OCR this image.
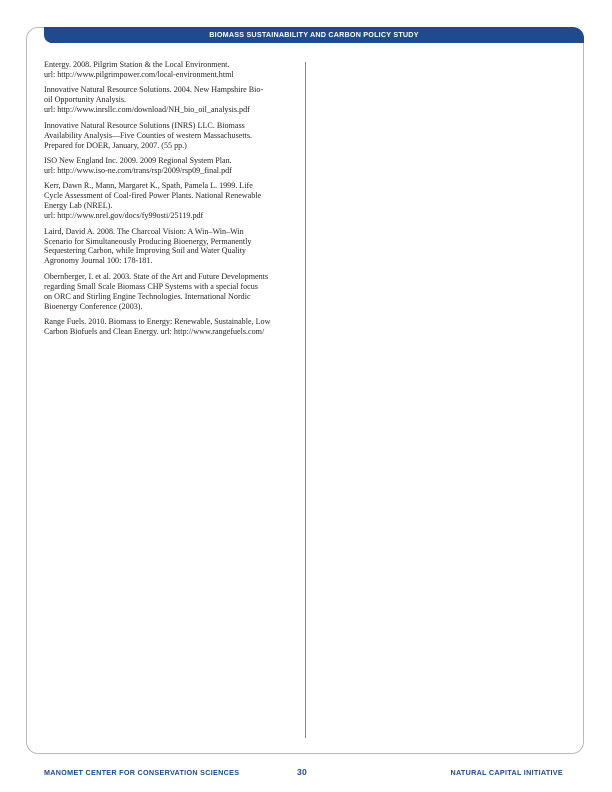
BIOMASS SUSTAINABILITY AND CARBON POLICY STUDY
Entergy. 2008. Pilgrim Station & the Local Environment.
url: http://www.pilgrimpower.com/local-environment.html
Innovative Natural Resource Solutions. 2004. New Hampshire Bio-
oil Opportunity Analysis.
url: http://www.inrsllc.com/download/NH_bio_oil_analysis.pdf
Innovative Natural Resource Solutions (INRS) LLC. Biomass
Availability Analysis—Five Counties of western Massachusetts.
Prepared for DOER, January, 2007. (55 pp.)
ISO New England Inc. 2009. 2009 Regional System Plan.
url: http://www.iso-ne.com/trans/rsp/2009/rsp09_final.pdf
Kerr, Dawn R., Mann, Margaret K., Spath, Pamela L. 1999. Life
Cycle Assessment of Coal-fired Power Plants. National Renewable
Energy Lab (NREL).
url: http://www.nrel.gov/docs/fy99osti/25119.pdf
Laird, David A. 2008. The Charcoal Vision: A Win–Win–Win
Scenario for Simultaneously Producing Bioenergy, Permanently
Sequestering Carbon, while Improving Soil and Water Quality
Agronomy Journal 100: 178-181.
Obernberger, I. et al. 2003. State of the Art and Future Developments
regarding Small Scale Biomass CHP Systems with a special focus
on ORC and Stirling Engine Technologies. International Nordic
Bioenergy Conference (2003).
Range Fuels. 2010. Biomass to Energy: Renewable, Sustainable, Low
Carbon Biofuels and Clean Energy. url: http://www.rangefuels.com/
MANOMET CENTER FOR CONSERVATION SCIENCES	30	NATURAL CAPITAL INITIATIVE
